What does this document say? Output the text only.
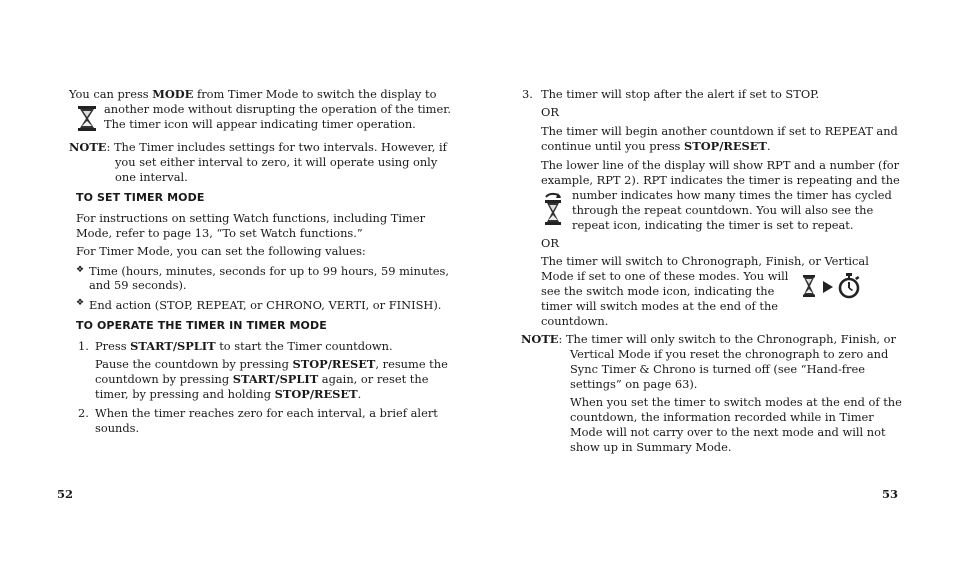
You can press MODE from Timer Mode to switch the display to

another mode without disrupting the operation of the timer.

The timer icon will appear indicating timer operation.

NOTE: The Timer includes settings for two intervals. However, if

you set either interval to zero, it will operate using only

one interval.

TO SET TIMER MODE

For instructions on setting Watch functions, including Timer

Mode, refer to page 13, “To set Watch functions.”

For Timer Mode, you can set the following values:

❖ Time (hours, minutes, seconds for up to 99 hours, 59 minutes,

and 59 seconds).

❖ End action (STOP, REPEAT, or CHRONO, VERTI, or FINISH).

TO OPERATE THE TIMER IN TIMER MODE
1. Press START/SPLIT to start the Timer countdown.

Pause the countdown by pressing STOP/RESET, resume the

countdown by pressing START/SPLIT again, or reset the

timer, by pressing and holding STOP/RESET.

2. When the timer reaches zero for each interval, a brief alert

sounds.

52
3. The timer will stop after the alert if set to STOP.

OR

The timer will begin another countdown if set to REPEAT and

continue until you press STOP/RESET.

The lower line of the display will show RPT and a number (for

example, RPT 2). RPT indicates the timer is repeating and the

number indicates how many times the timer has cycled

through the repeat countdown. You will also see the

repeat icon, indicating the timer is set to repeat.

OR

The timer will switch to Chronograph, Finish, or Vertical

Mode if set to one of these modes. You will

see the switch mode icon, indicating the

timer will switch modes at the end of the

countdown.

NOTE: The timer will only switch to the Chronograph, Finish, or

Vertical Mode if you reset the chronograph to zero and

Sync Timer & Chrono is turned off (see “Hand-free

settings” on page 63).

When you set the timer to switch modes at the end of the

countdown, the information recorded while in Timer

Mode will not carry over to the next mode and will not

show up in Summary Mode.

53
